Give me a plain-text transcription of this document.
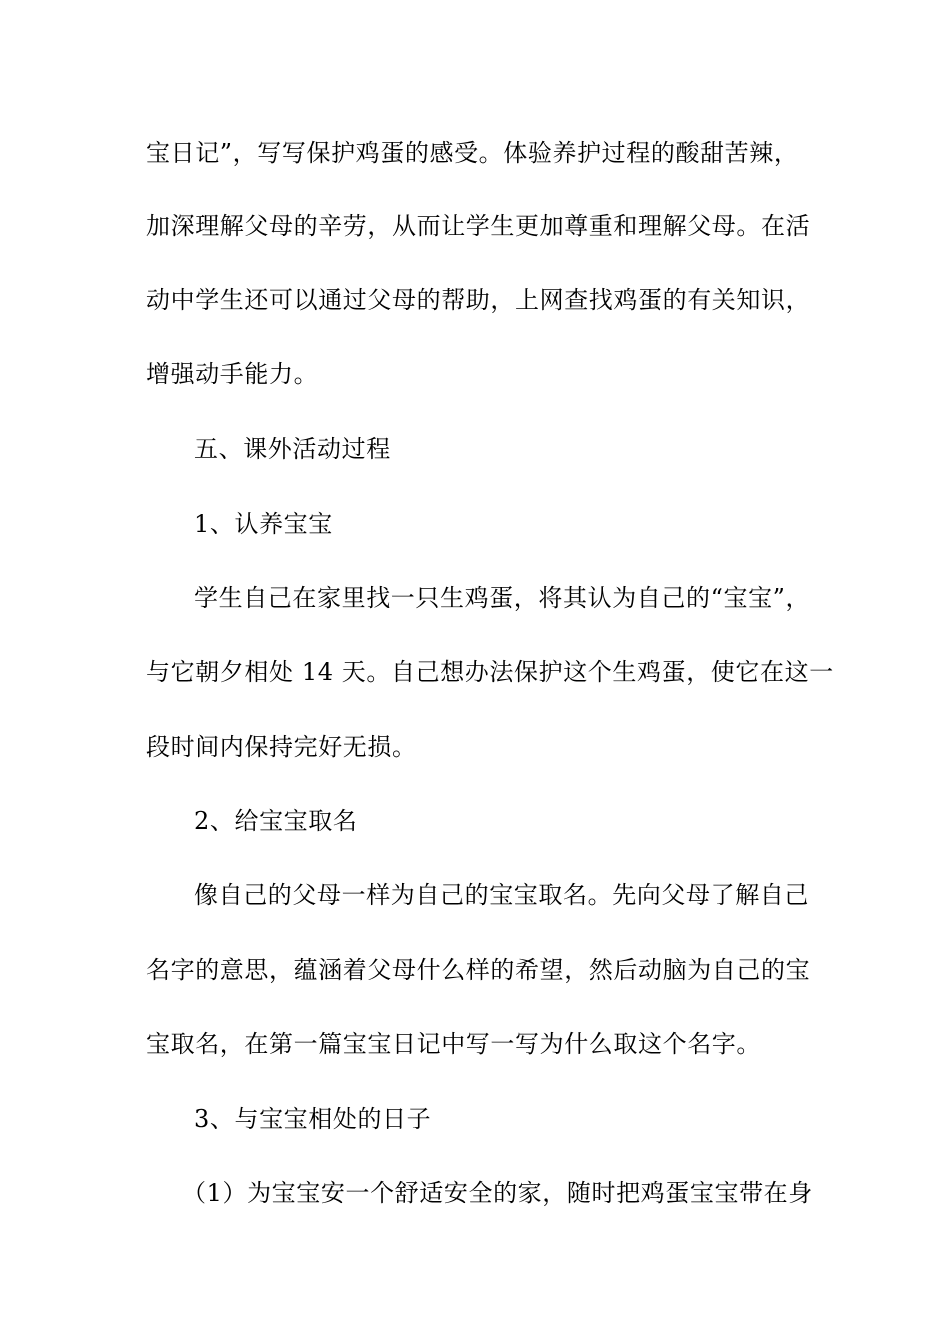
宝日记”，写写保护鸡蛋的感受。体验养护过程的酸甜苦辣，
加深理解父母的辛劳，从而让学生更加尊重和理解父母。在活
动中学生还可以通过父母的帮助，上网查找鸡蛋的有关知识，
增强动手能力。
五、课外活动过程
1、认养宝宝
学生自己在家里找一只生鸡蛋，将其认为自己的“宝宝”，
与它朝夕相处 14 天。自己想办法保护这个生鸡蛋，使它在这一
段时间内保持完好无损。
2、给宝宝取名
像自己的父母一样为自己的宝宝取名。先向父母了解自己
名字的意思，蕴涵着父母什么样的希望，然后动脑为自己的宝
宝取名，在第一篇宝宝日记中写一写为什么取这个名字。
3、与宝宝相处的日子
（1）为宝宝安一个舒适安全的家，随时把鸡蛋宝宝带在身
